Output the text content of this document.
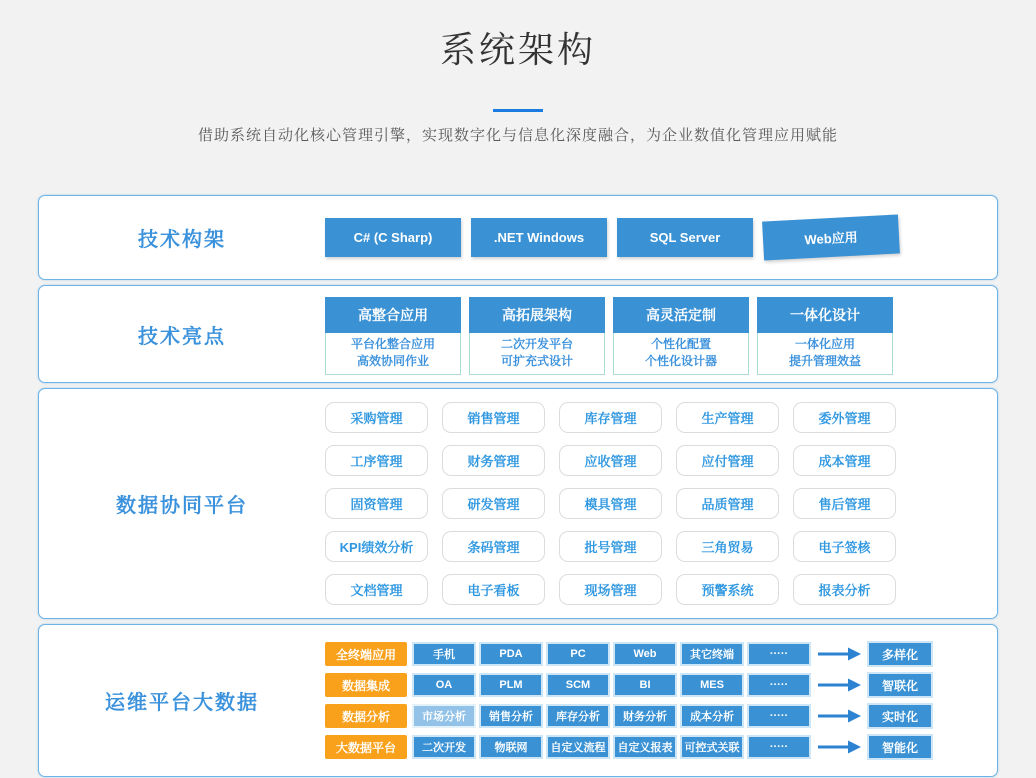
系统架构
借助系统自动化核心管理引擎，实现数字化与信息化深度融合，为企业数值化管理应用赋能
技术构架	C# (C Sharp)	.NET Windows	SQL Server	Web应用
技术亮点
高整合应用
平台化整合应用
高效协同作业
高拓展架构
二次开发平台
可扩充式设计
高灵活定制
个性化配置
个性化设计器
一体化设计
一体化应用
提升管理效益
数据协同平台
采购管理	销售管理	库存管理	生产管理	委外管理
工序管理	财务管理	应收管理	应付管理	成本管理
固资管理	研发管理	模具管理	品质管理	售后管理
KPI绩效分析	条码管理	批号管理	三角贸易	电子签核
文档管理	电子看板	现场管理	预警系统	报表分析
运维平台大数据
全终端应用	手机	PDA	PC	Web	其它终端	·····	多样化
数据集成	OA	PLM	SCM	BI	MES	·····	智联化
数据分析	市场分析	销售分析	库存分析	财务分析	成本分析	·····	实时化
大数据平台	二次开发	物联网	自定义流程	自定义报表	可控式关联	·····	智能化
